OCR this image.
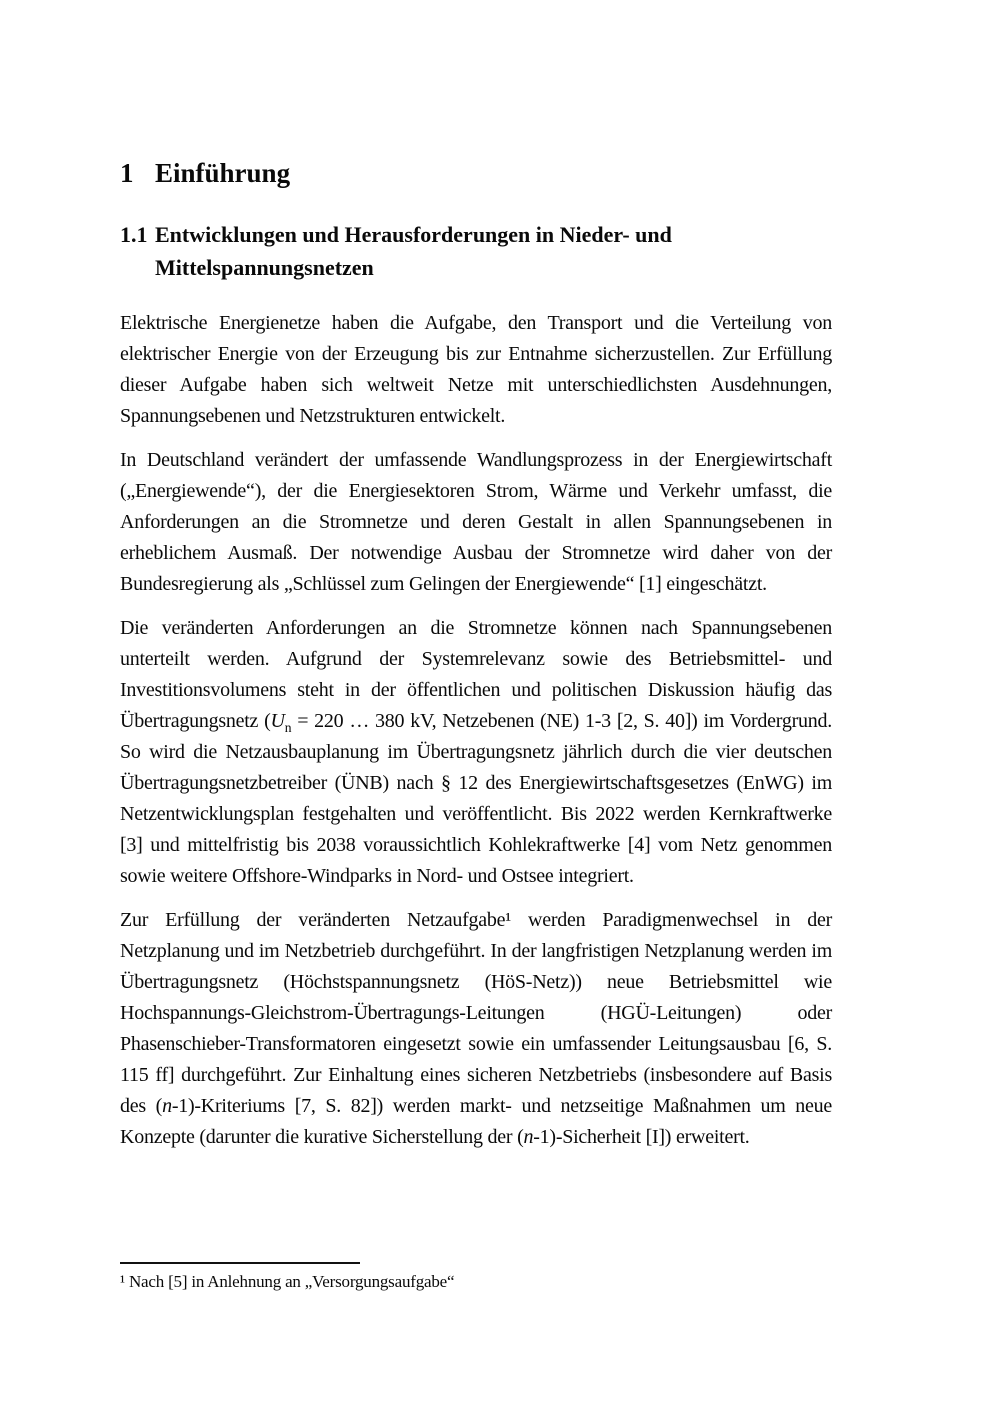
1 Einführung
1.1 Entwicklungen und Herausforderungen in Nieder- und
Mittelspannungsnetzen

Elektrische Energienetze haben die Aufgabe, den Transport und die Verteilung von elektrischer Energie von der Erzeugung bis zur Entnahme sicherzustellen. Zur Erfüllung dieser Aufgabe haben sich weltweit Netze mit unterschiedlichsten Ausdehnungen, Spannungsebenen und Netzstrukturen entwickelt.

In Deutschland verändert der umfassende Wandlungsprozess in der Energiewirtschaft („Energiewende“), der die Energiesektoren Strom, Wärme und Verkehr umfasst, die Anforderungen an die Stromnetze und deren Gestalt in allen Spannungsebenen in erheblichem Ausmaß. Der notwendige Ausbau der Stromnetze wird daher von der Bundesregierung als „Schlüssel zum Gelingen der Energiewende“ [1] eingeschätzt.

Die veränderten Anforderungen an die Stromnetze können nach Spannungsebenen unterteilt werden. Aufgrund der Systemrelevanz sowie des Betriebsmittel- und Investitionsvolumens steht in der öffentlichen und politischen Diskussion häufig das Übertragungsnetz ($U_n = 220$ … 380 kV, Netzebenen (NE) 1-3 [2, S. 40]) im Vordergrund. So wird die Netzausbauplanung im Übertragungsnetz jährlich durch die vier deutschen Übertragungsnetzbetreiber (ÜNB) nach § 12 des Energiewirtschaftsgesetzes (EnWG) im Netzentwicklungsplan festgehalten und veröffentlicht. Bis 2022 werden Kernkraftwerke [3] und mittelfristig bis 2038 voraussichtlich Kohlekraftwerke [4] vom Netz genommen sowie weitere Offshore-Windparks in Nord- und Ostsee integriert.

Zur Erfüllung der veränderten Netzaufgabe¹ werden Paradigmenwechsel in der Netzplanung und im Netzbetrieb durchgeführt. In der langfristigen Netzplanung werden im Übertragungsnetz (Höchstspannungsnetz (HöS-Netz)) neue Betriebsmittel wie Hochspannungs-Gleichstrom-Übertragungs-Leitungen (HGÜ-Leitungen) oder Phasenschieber-Transformatoren eingesetzt sowie ein umfassender Leitungsausbau [6, S. 115 ff] durchgeführt. Zur Einhaltung eines sicheren Netzbetriebs (insbesondere auf Basis des (n-1)-Kriteriums [7, S. 82]) werden markt- und netzseitige Maßnahmen um neue Konzepte (darunter die kurative Sicherstellung der (n-1)-Sicherheit [I]) erweitert.

¹ Nach [5] in Anlehnung an „Versorgungsaufgabe“
